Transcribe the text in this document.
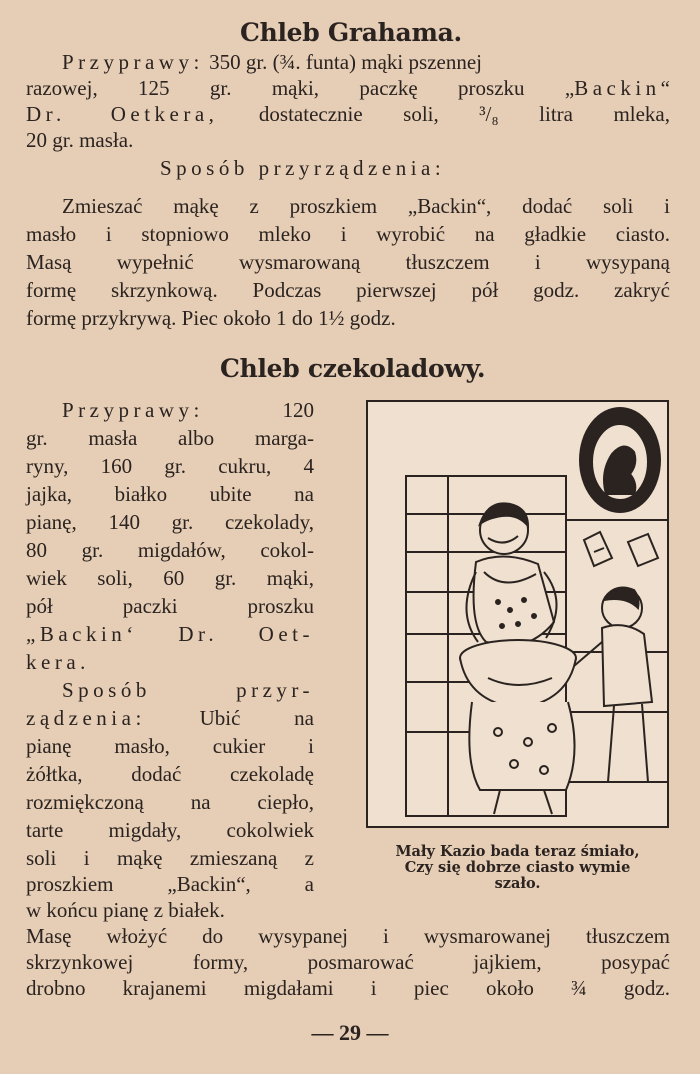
Chleb Grahama.
Przyprawy: 350 gr. (¾. funta) mąki pszennej
razowej, 125 gr. mąki, paczkę proszku „Backin“
Dr. Oetkera, dostatecznie soli, ³/₈ litra mleka,
20 gr. masła.
Sposób przyrządzenia:
Zmieszać mąkę z proszkiem „Backin“, dodać soli i
masło i stopniowo mleko i wyrobić na gładkie ciasto.
Masą wypełnić wysmarowaną tłuszczem i wysypaną
formę skrzynkową. Podczas pierwszej pół godz. zakryć
formę przykrywą. Piec około 1 do 1½ godz.
Chleb czekoladowy.
Przyprawy:	120
gr. masła albo marga-
ryny, 160 gr. cukru, 4
jajka, białko ubite na
pianę, 140 gr. czekolady,
80 gr. migdałów, cokol-
wiek soli, 60 gr. mąki,
pół paczki proszku
„Backin‘ Dr. Oet-
kera.
Sposób przyr-
ządzenia:	Ubić na
pianę masło, cukier i
żółtka, dodać czekoladę
rozmiękczoną na ciepło,
tarte migdały, cokolwiek
soli i mąkę zmieszaną z
proszkiem „Backin“, a
w końcu pianę z białek.
Masę włożyć do wysypanej i wysmarowanej tłuszczem
skrzynkowej formy, posmarować jajkiem, posypać
drobno krajanemi migdałami i piec około ¾ godz.
Mały Kazio bada teraz śmiało,
Czy się dobrze ciasto wymie
szało.
— 29 —
